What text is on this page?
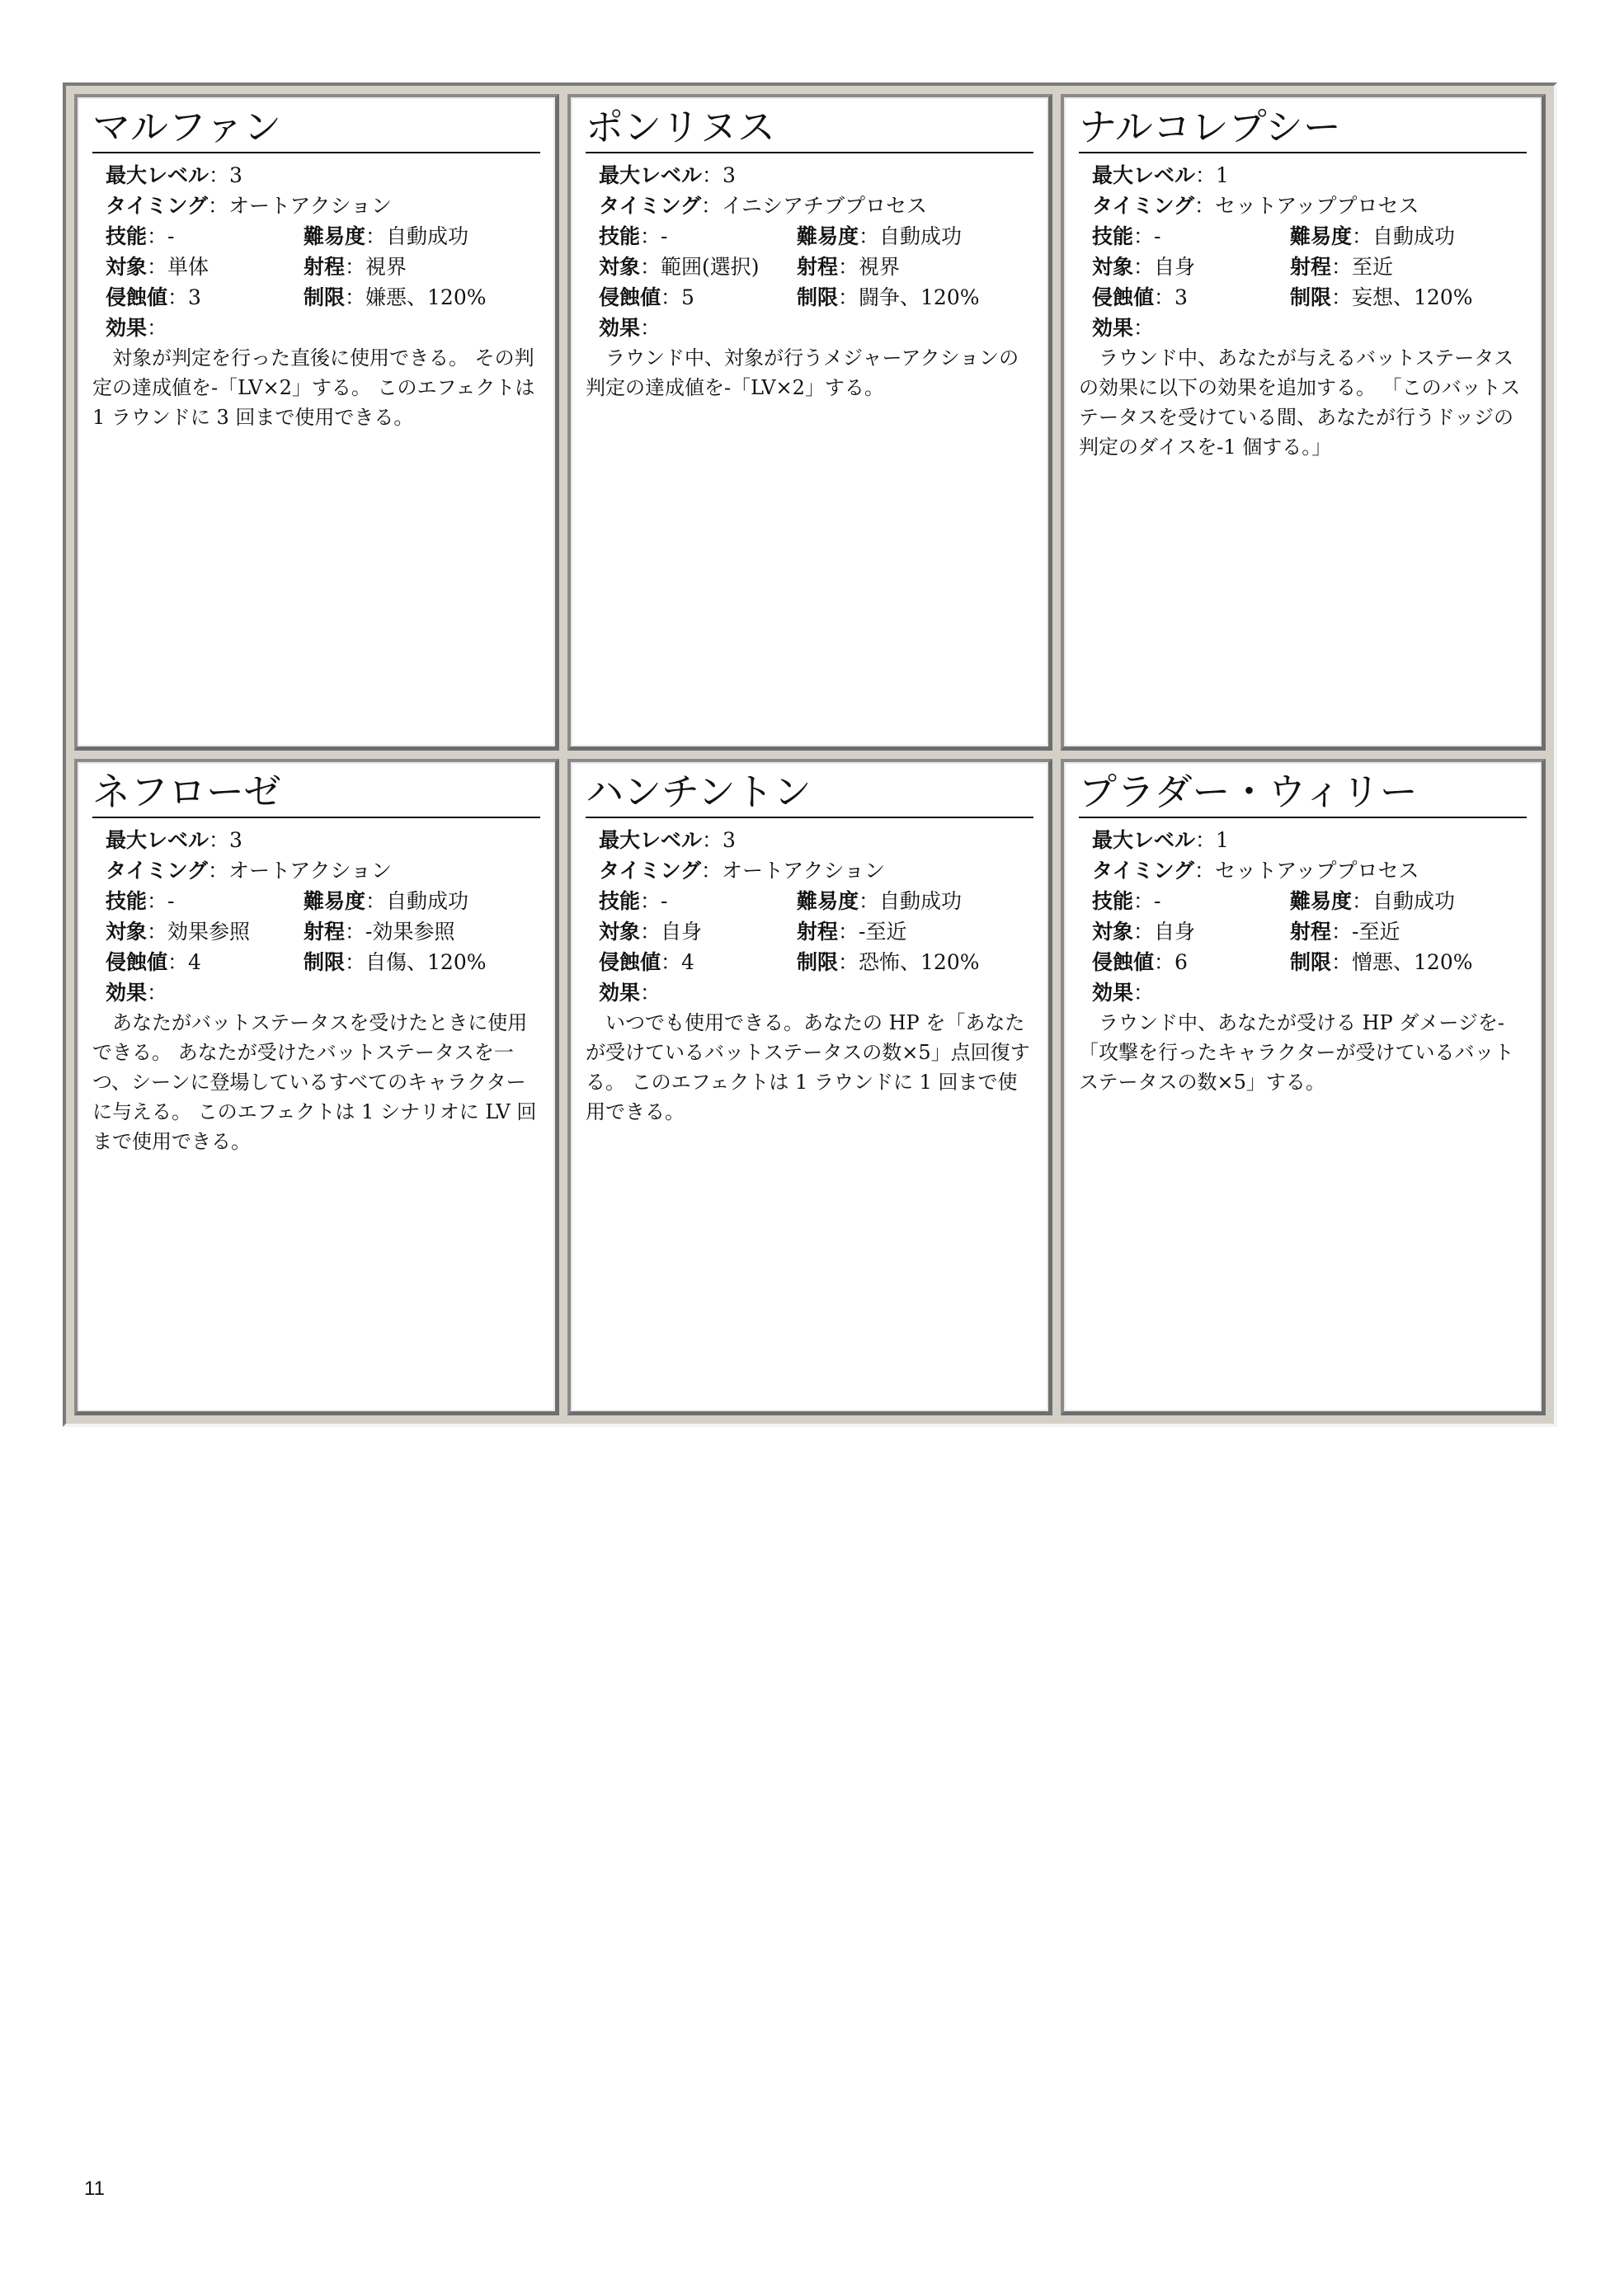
マルファン
最大レベル ： 3
タイミング ： オートアクション
技能：-	難易度：自動成功
対象：単体	射程：視界
侵蝕値：3	制限：嫌悪、120%
効果：

対象が判定を行った直後に使用できる。 その判定の達成値を-「LV×2」する。 このエフェクトは 1 ラウンドに 3 回まで使用できる。

ポンリヌス
最大レベル ： 3
タイミング ： イニシアチブプロセス
技能：-	難易度：自動成功
対象：範囲(選択)	射程：視界
侵蝕値：5	制限：闘争、120%
効果：

ラウンド中、対象が行うメジャーアクションの判定の達成値を-「LV×2」する。

ナルコレプシー
最大レベル ： 1
タイミング ： セットアッププロセス
技能：-	難易度：自動成功
対象：自身	射程：至近
侵蝕値：3	制限：妄想、120%
効果：

ラウンド中、あなたが与えるバットステータスの効果に以下の効果を追加する。 「このバットステータスを受けている間、あなたが行うドッジの判定のダイスを-1 個する。」

ネフローゼ
最大レベル ： 3
タイミング ： オートアクション
技能：-	難易度：自動成功
対象：効果参照	射程：-効果参照
侵蝕値：4	制限：自傷、120%
効果：

あなたがバットステータスを受けたときに使用できる。 あなたが受けたバットステータスを一つ、シーンに登場しているすべてのキャラクターに与える。 このエフェクトは 1 シナリオに LV 回まで使用できる。

ハンチントン
最大レベル ： 3
タイミング ： オートアクション
技能：-	難易度：自動成功
対象：自身	射程：-至近
侵蝕値：4	制限：恐怖、120%
効果：

いつでも使用できる。あなたの HP を「あなたが受けているバットステータスの数×5」点回復する。 このエフェクトは 1 ラウンドに 1 回まで使用できる。

プラダー・ウィリー
最大レベル ： 1
タイミング ： セットアッププロセス
技能：-	難易度：自動成功
対象：自身	射程：-至近
侵蝕値：6	制限：憎悪、120%
効果：

ラウンド中、あなたが受ける HP ダメージを-「攻撃を行ったキャラクターが受けているバットステータスの数×5」する。

11
